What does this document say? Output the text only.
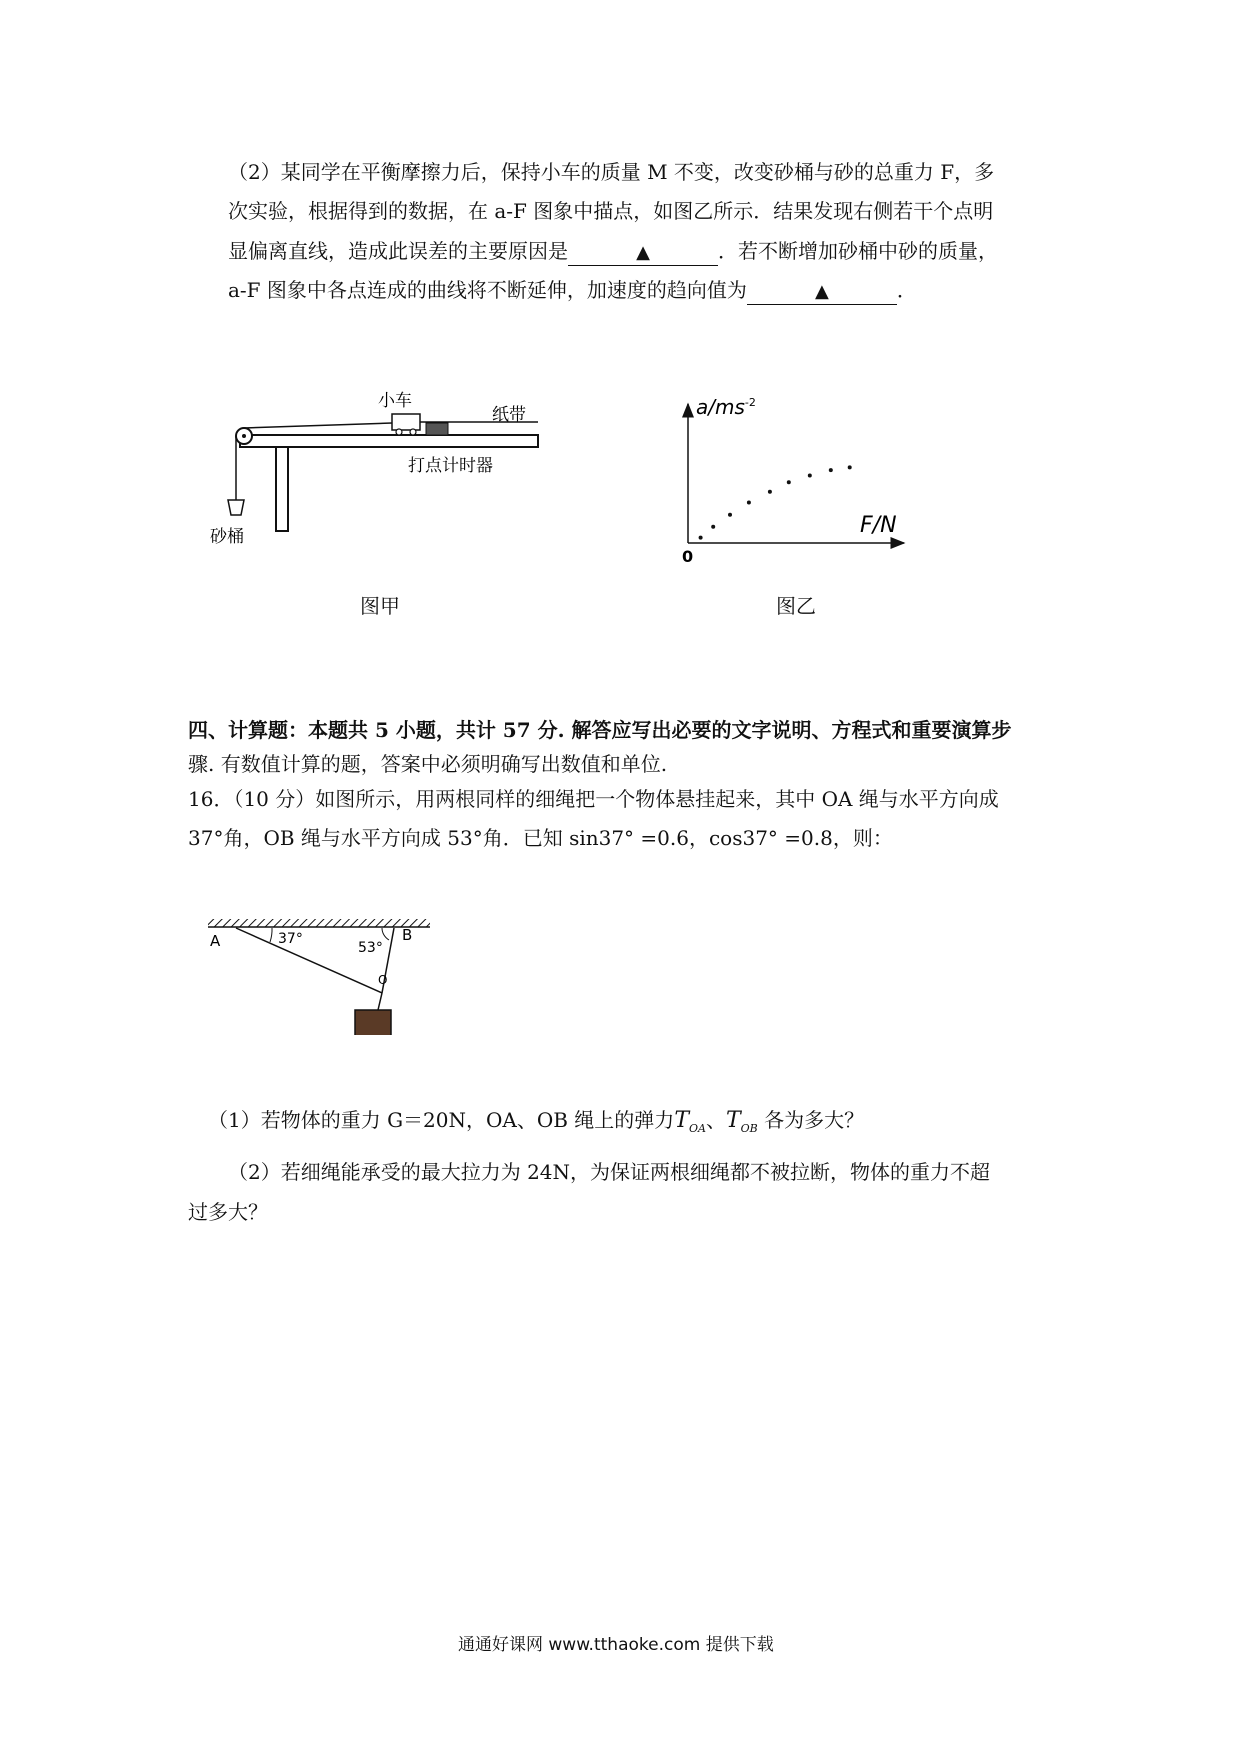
（2）某同学在平衡摩擦力后，保持小车的质量 M 不变，改变砂桶与砂的总重力 F，多
次实验，根据得到的数据，在 a-F 图象中描点，如图乙所示．结果发现右侧若干个点明
显偏离直线，造成此误差的主要原因是	▲	．若不断增加砂桶中砂的质量，
a-F 图象中各点连成的曲线将不断延伸，加速度的趋向值为	▲	．
小车
纸带
打点计时器
砂桶
图甲
$a/ms^{-2}$
F/N
0
图乙
四、计算题：本题共 5 小题，共计 57 分. 解答应写出必要的文字说明、方程式和重要演算步
骤. 有数值计算的题，答案中必须明确写出数值和单位.
16．（10 分）如图所示，用两根同样的细绳把一个物体悬挂起来，其中 OA 绳与水平方向成
37°角，OB 绳与水平方向成 53°角．已知 sin37° =0.6，cos37° =0.8，则：
A	B
O
37°
53°
（1）若物体的重力 G＝20N，OA、OB 绳上的弹力$T_{OA}$、$T_{OB}$ 各为多大？
（2）若细绳能承受的最大拉力为 24N，为保证两根细绳都不被拉断，物体的重力不超
过多大？
通通好课网 www.tthaoke.com 提供下载
